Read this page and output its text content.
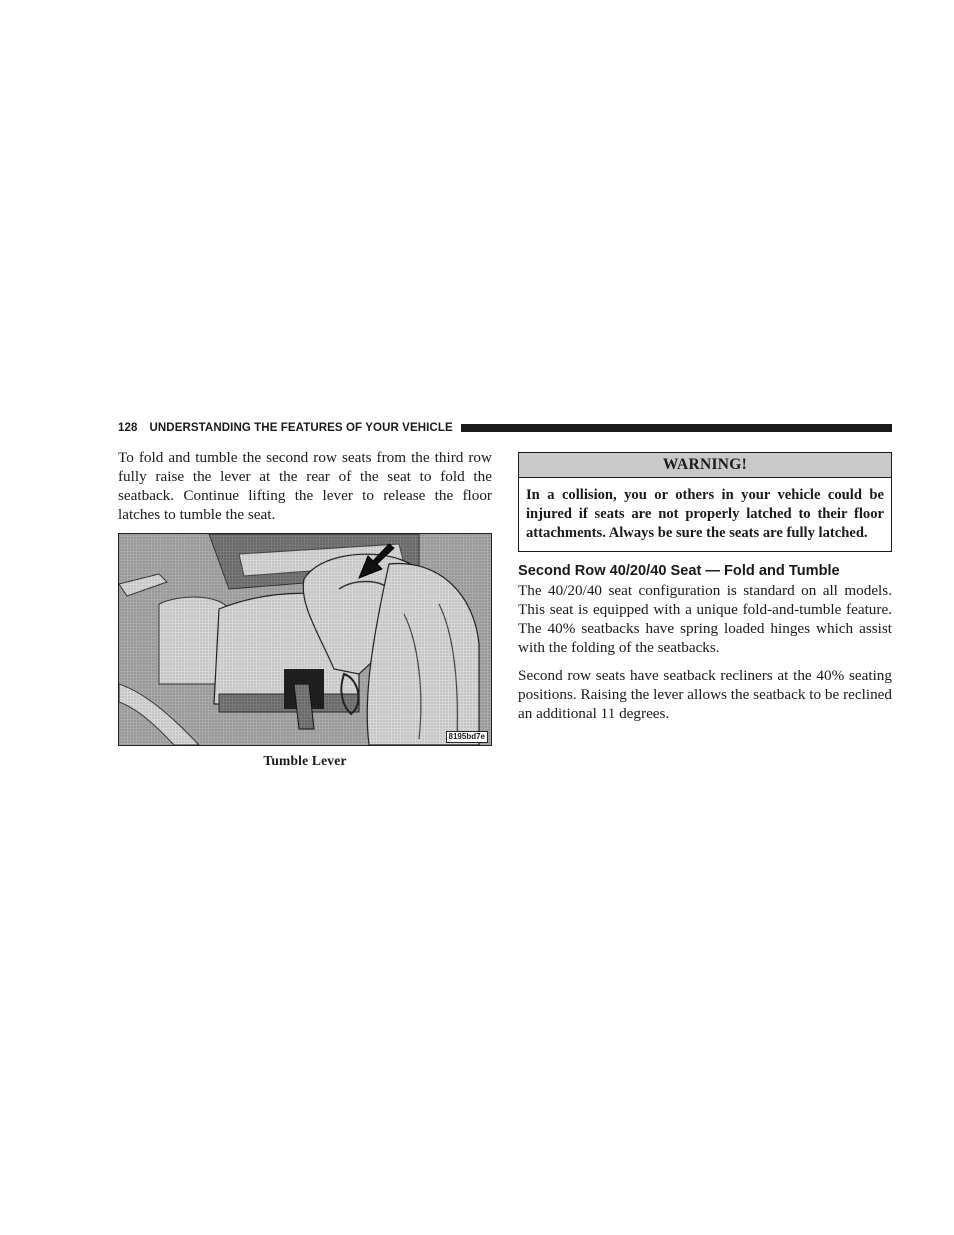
128 UNDERSTANDING THE FEATURES OF YOUR VEHICLE

To fold and tumble the second row seats from the third row fully raise the lever at the rear of the seat to fold the seatback. Continue lifting the lever to release the floor latches to tumble the seat.

8195bd7e
Tumble Lever
WARNING!
In a collision, you or others in your vehicle could be injured if seats are not properly latched to their floor attachments. Always be sure the seats are fully latched.
Second Row 40/20/40 Seat — Fold and Tumble

The 40/20/40 seat configuration is standard on all models. This seat is equipped with a unique fold-and-tumble feature. The 40% seatbacks have spring loaded hinges which assist with the folding of the seatbacks.

Second row seats have seatback recliners at the 40% seating positions. Raising the lever allows the seatback to be reclined an additional 11 degrees.
